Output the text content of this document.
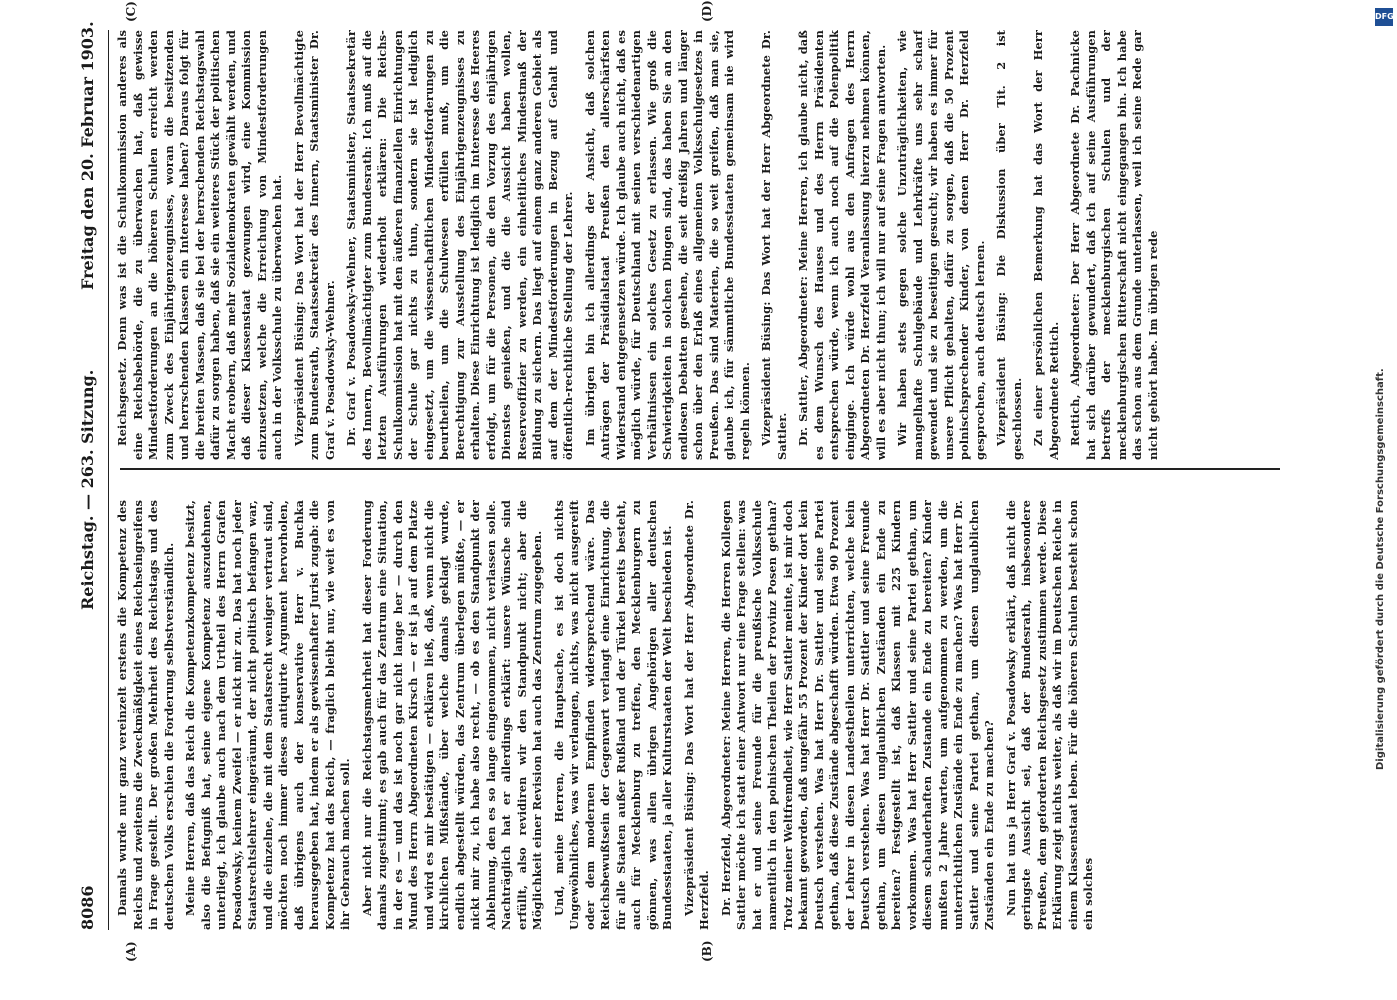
8086
Reichstag. — 263. Sitzung.
Freitag den 20. Februar 1903.
(A)	(B)
(C)	(D)

Damals wurde nur ganz vereinzelt erstens die Kompetenz des Reichs und zweitens die Zweckmäßigkeit eines Reichseingreifens in Frage gestellt. Der großen Mehrheit des Reichstags und des deutschen Volks erschien die Forderung selbstverständlich. Meine Herren, daß das Reich die Kompetenzkompetenz besitzt, also die Befugniß hat, seine eigene Kompetenz auszudehnen, unterliegt, ich glaube auch nach dem Urtheil des Herrn Grafen Posadowsky, keinem Zweifel — er nickt mir zu. Das hat noch jeder Staatsrechtslehrer eingeräumt, der nicht politisch befangen war, und die einzelne, die mit dem Staatsrecht weniger vertraut sind, möchten noch immer dieses antiquirte Argument hervorholen, daß übrigens auch der konservative Herr v. Buchka herausgegeben hat, indem er als gewissenhafter Jurist zugab: die Kompetenz hat das Reich, — fraglich bleibt nur, wie weit es von ihr Gebrauch machen soll. Aber nicht nur die Reichstagsmehrheit hat dieser Forderung damals zugestimmt; es gab auch für das Zentrum eine Situation, in der es — und das ist noch gar nicht lange her — durch den Mund des Herrn Abgeordneten Kirsch — er ist ja auf dem Platze und wird es mir bestätigen — erklären ließ, daß, wenn nicht die kirchlichen Mißstände, über welche damals geklagt wurde, endlich abgestellt würden, das Zentrum überlegen müßte, — er nickt mir zu, ich habe also recht, — ob es den Standpunkt der Ablehnung, den es so lange eingenommen, nicht verlassen solle. Nachträglich hat er allerdings erklärt: unsere Wünsche sind erfüllt, also revidiren wir den Standpunkt nicht; aber die Möglichkeit einer Revision hat auch das Zentrum zugegeben. Und, meine Herren, die Hauptsache, es ist doch nichts Ungewöhnliches, was wir verlangen, nichts, was nicht ausgereift oder dem modernen Empfinden widersprechend wäre. Das Reichsbewußtsein der Gegenwart verlangt eine Einrichtung, die für alle Staaten außer Rußland und der Türkei bereits besteht, auch für Mecklenburg zu treffen, den Mecklenburgern zu gönnen, was allen übrigen Angehörigen aller deutschen Bundesstaaten, ja aller Kulturstaaten der Welt beschieden ist. Vizepräsident Büsing: Das Wort hat der Herr Abgeordnete Dr. Herzfeld. Dr. Herzfeld, Abgeordneter: Meine Herren, die Herren Kollegen Sattler möchte ich statt einer Antwort nur eine Frage stellen: was hat er und seine Freunde für die preußische Volksschule namentlich in den polnischen Theilen der Provinz Posen gethan? Trotz meiner Weltfremdheit, wie Herr Sattler meinte, ist mir doch bekannt geworden, daß ungefähr 55 Prozent der Kinder dort kein Deutsch verstehen. Was hat Herr Dr. Sattler und seine Partei gethan, daß diese Zustände abgeschafft würden. Etwa 90 Prozent der Lehrer in diesen Landestheilen unterrichten, welche kein Deutsch verstehen. Was hat Herr Dr. Sattler und seine Freunde gethan, um diesen unglaublichen Zuständen ein Ende zu bereiten? Festgestellt ist, daß Klassen mit 225 Kindern vorkommen. Was hat Herr Sattler und seine Partei gethan, um diesem schauderhaften Zustande ein Ende zu bereiten? Kinder mußten 2 Jahre warten, um aufgenommen zu werden, um die unterrichtlichen Zustände ein Ende zu machen? Was hat Herr Dr. Sattler und seine Partei gethan, um diesen unglaublichen Zuständen ein Ende zu machen? Nun hat uns ja Herr Graf v. Posadowsky erklärt, daß nicht die geringste Aussicht sei, daß der Bundesrath, insbesondere Preußen, dem geforderten Reichsgesetz zustimmen werde. Diese Erklärung zeigt nichts weiter, als daß wir im Deutschen Reiche in einem Klassenstaat leben. Für die höheren Schulen besteht schon ein solches

Reichsgesetz. Denn was ist die Schulkommission anderes als eine Reichsbehörde, die zu überwachen hat, daß gewisse Mindestforderungen an die höheren Schulen erreicht werden zum Zweck des Einjährigenzeugnisses, woran die besitzenden und herrschenden Klassen ein Interesse haben? Daraus folgt für die breiten Massen, daß sie bei der herrschenden Reichstagswahl dafür zu sorgen haben, daß sie ein weiteres Stück der politischen Macht erobern, daß mehr Sozialdemokraten gewählt werden, und daß dieser Klassenstaat gezwungen wird, eine Kommission einzusetzen, welche die Erreichung von Mindestforderungen auch in der Volksschule zu überwachen hat. Vizepräsident Büsing: Das Wort hat der Herr Bevollmächtigte zum Bundesrath, Staatssekretär des Innern, Staatsminister Dr. Graf v. Posadowsky-Wehner. Dr. Graf v. Posadowsky-Wehner, Staatsminister, Staatssekretär des Innern, Bevollmächtigter zum Bundesrath: Ich muß auf die letzten Ausführungen wiederholt erklären: Die Reichs-Schulkommission hat mit den äußeren finanziellen Einrichtungen der Schule gar nichts zu thun, sondern sie ist lediglich eingesetzt, um die wissenschaftlichen Mindestforderungen zu beurtheilen, um die Schulwesen erfüllen muß, um die Berechtigung zur Ausstellung des Einjährigenzeugnisses zu erhalten. Diese Einrichtung ist lediglich im Interesse des Heeres erfolgt, um für die Personen, die den Vorzug des einjährigen Dienstes genießen, und die die Aussicht haben wollen, Reserveoffizier zu werden, ein einheitliches Mindestmaß der Bildung zu sichern. Das liegt auf einem ganz anderen Gebiet als auf dem der Mindestforderungen in Bezug auf Gehalt und öffentlich-rechtliche Stellung der Lehrer. Im übrigen bin ich allerdings der Ansicht, daß solchen Anträgen der Präsidialstaat Preußen den allerschärfsten Widerstand entgegensetzen würde. Ich glaube auch nicht, daß es möglich würde, für Deutschland mit seinen verschiedenartigen Verhältnissen ein solches Gesetz zu erlassen. Wie groß die Schwierigkeiten in solchen Dingen sind, das haben Sie an den endlosen Debatten gesehen, die seit dreißig Jahren und länger schon über den Erlaß eines allgemeinen Volksschulgesetzes in Preußen. Das sind Materien, die so weit greifen, daß man sie, glaube ich, für sämmtliche Bundesstaaten gemeinsam nie wird regeln können. Vizepräsident Büsing: Das Wort hat der Herr Abgeordnete Dr. Sattler. Dr. Sattler, Abgeordneter: Meine Herren, ich glaube nicht, daß es dem Wunsch des Hauses und des Herrn Präsidenten entsprechen würde, wenn ich auch noch auf die Polenpolitik einginge. Ich würde wohl aus den Anfragen des Herrn Abgeordneten Dr. Herzfeld Veranlassung hierzu nehmen können, will es aber nicht thun; ich will nur auf seine Fragen antworten. Wir haben stets gegen solche Unzuträglichkeiten, wie mangelhafte Schulgebäude und Lehrkräfte uns sehr scharf gewendet und sie zu beseitigen gesucht; wir haben es immer für unsere Pflicht gehalten, dafür zu sorgen, daß die 50 Prozent polnischsprechender Kinder, von denen Herr Dr. Herzfeld gesprochen, auch deutsch lernen. Vizepräsident Büsing: Die Diskussion über Tit. 2 ist geschlossen. Zu einer persönlichen Bemerkung hat das Wort der Herr Abgeordnete Rettich. Rettich, Abgeordneter: Der Herr Abgeordnete Dr. Pachnicke hat sich darüber gewundert, daß ich auf seine Ausführungen betreffs der mecklenburgischen Schulen und der mecklenburgischen Ritterschaft nicht eingegangen bin. Ich habe das schon aus dem Grunde unterlassen, weil ich seine Rede gar nicht gehört habe. Im übrigen rede

DFG
Digitalisierung gefördert durch die Deutsche Forschungsgemeinschaft.
